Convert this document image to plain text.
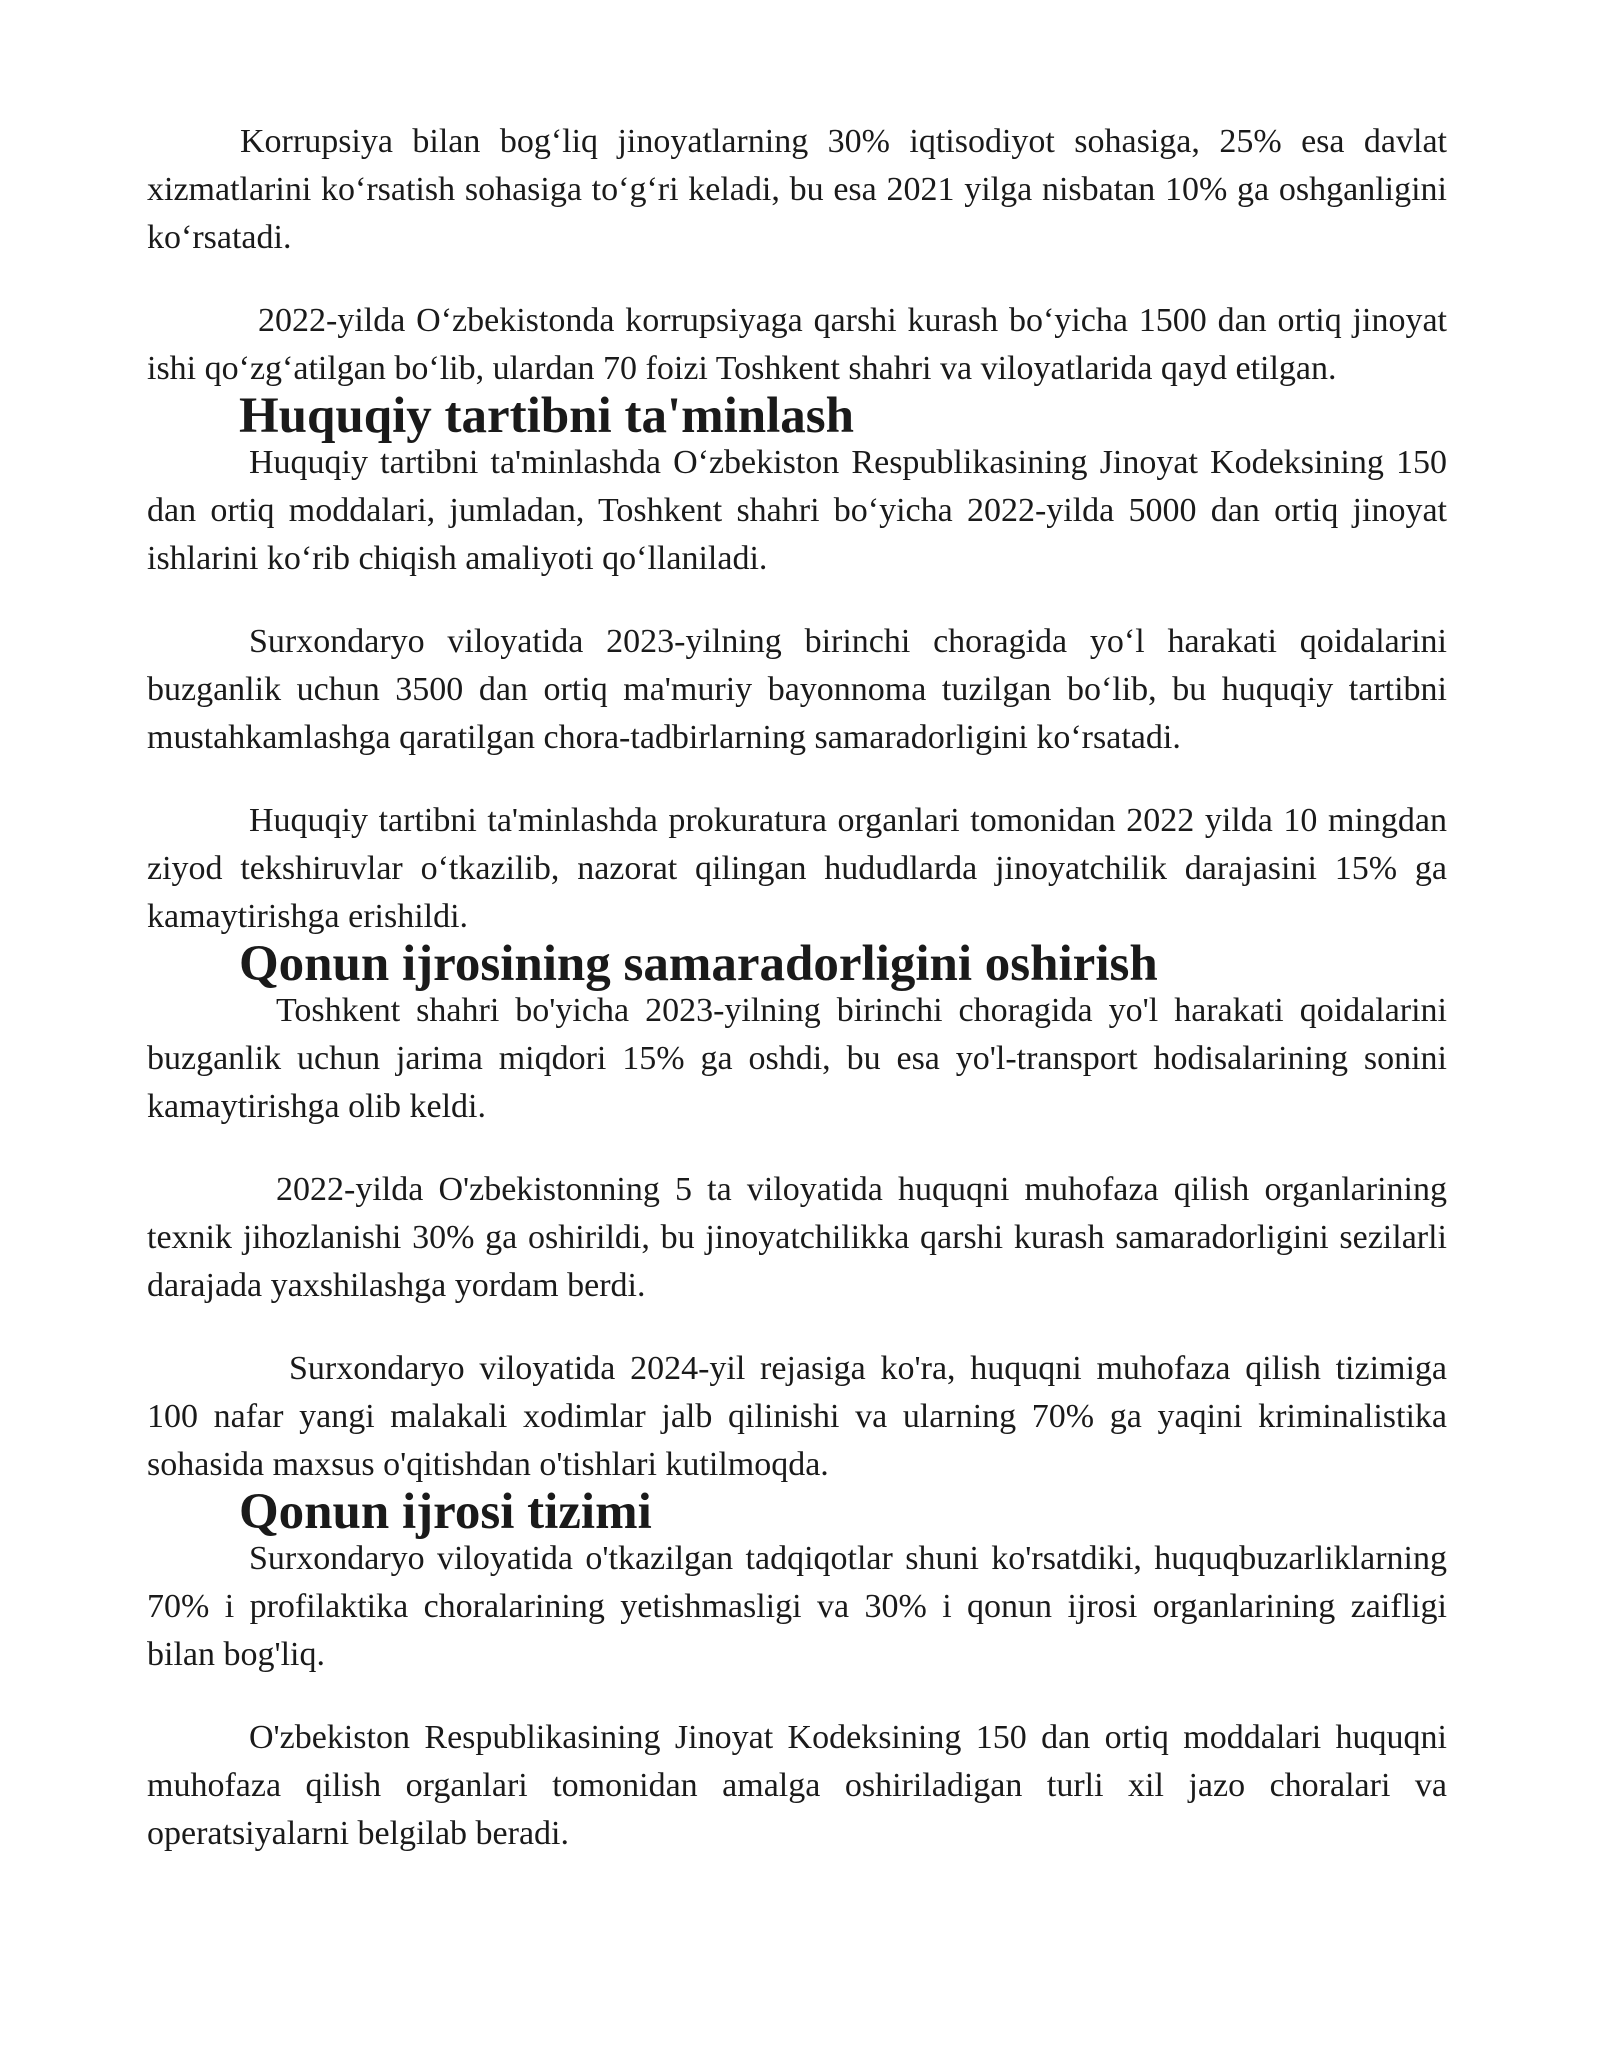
Korrupsiya bilan bog‘liq jinoyatlarning 30% iqtisodiyot sohasiga, 25% esa davlat xizmatlarini ko‘rsatish sohasiga to‘g‘ri keladi, bu esa 2021 yilga nisbatan 10% ga oshganligini ko‘rsatadi.

2022-yilda O‘zbekistonda korrupsiyaga qarshi kurash bo‘yicha 1500 dan ortiq jinoyat ishi qo‘zg‘atilgan bo‘lib, ulardan 70 foizi Toshkent shahri va viloyatlarida qayd etilgan.

Huquqiy tartibni ta'minlash

Huquqiy tartibni ta'minlashda O‘zbekiston Respublikasining Jinoyat Kodeksining 150 dan ortiq moddalari, jumladan, Toshkent shahri bo‘yicha 2022-yilda 5000 dan ortiq jinoyat ishlarini ko‘rib chiqish amaliyoti qo‘llaniladi.

Surxondaryo viloyatida 2023-yilning birinchi choragida yo‘l harakati qoidalarini buzganlik uchun 3500 dan ortiq ma'muriy bayonnoma tuzilgan bo‘lib, bu huquqiy tartibni mustahkamlashga qaratilgan chora-tadbirlarning samaradorligini ko‘rsatadi.

Huquqiy tartibni ta'minlashda prokuratura organlari tomonidan 2022 yilda 10 mingdan ziyod tekshiruvlar o‘tkazilib, nazorat qilingan hududlarda jinoyatchilik darajasini 15% ga kamaytirishga erishildi.

Qonun ijrosining samaradorligini oshirish

Toshkent shahri bo'yicha 2023-yilning birinchi choragida yo'l harakati qoidalarini buzganlik uchun jarima miqdori 15% ga oshdi, bu esa yo'l-transport hodisalarining sonini kamaytirishga olib keldi.

2022-yilda O'zbekistonning 5 ta viloyatida huquqni muhofaza qilish organlarining texnik jihozlanishi 30% ga oshirildi, bu jinoyatchilikka qarshi kurash samaradorligini sezilarli darajada yaxshilashga yordam berdi.

Surxondaryo viloyatida 2024-yil rejasiga ko'ra, huquqni muhofaza qilish tizimiga 100 nafar yangi malakali xodimlar jalb qilinishi va ularning 70% ga yaqini kriminalistika sohasida maxsus o'qitishdan o'tishlari kutilmoqda.

Qonun ijrosi tizimi

Surxondaryo viloyatida o'tkazilgan tadqiqotlar shuni ko'rsatdiki, huquqbuzarliklarning 70% i profilaktika choralarining yetishmasligi va 30% i qonun ijrosi organlarining zaifligi bilan bog'liq.

O'zbekiston Respublikasining Jinoyat Kodeksining 150 dan ortiq moddalari huquqni muhofaza qilish organlari tomonidan amalga oshiriladigan turli xil jazo choralari va operatsiyalarni belgilab beradi.
